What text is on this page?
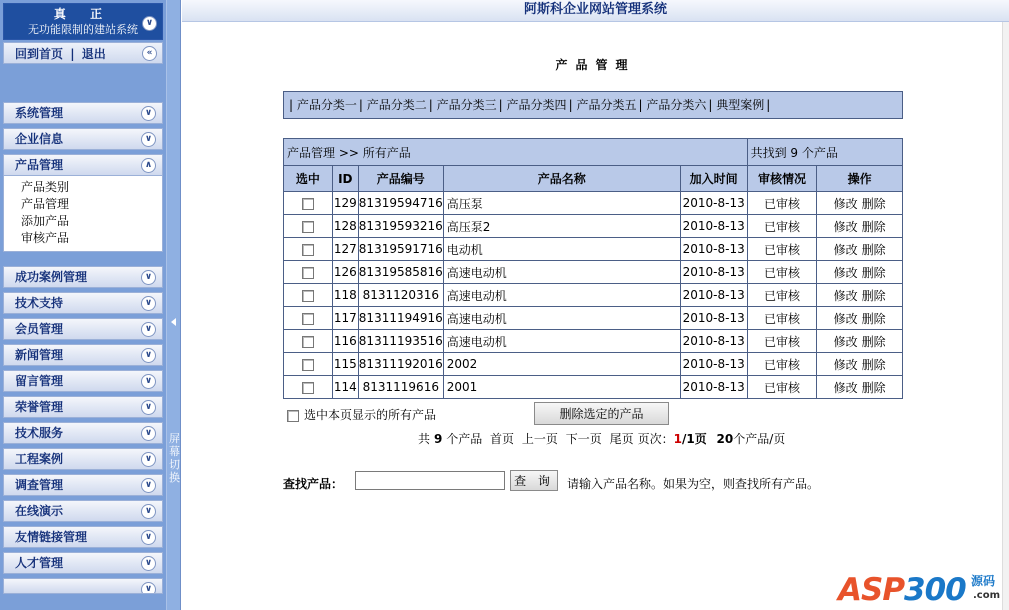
真 正
无功能限制的建站系统 ∨
回到首页 | 退出	«
系统管理	∨
企业信息	∨
产品管理	∧
产品类别
产品管理
添加产品
审核产品
成功案例管理	∨
技术支持	∨
会员管理	∨
新闻管理	∨
留言管理	∨
荣誉管理	∨
技术服务	∨
工程案例	∨
调查管理	∨
在线演示	∨
友情链接管理	∨
人才管理	∨
∨
屏
幕
切
换
阿斯科企业网站管理系统
产品管理
| 产品分类一 | 产品分类二 | 产品分类三 | 产品分类四 | 产品分类五 | 产品分类六 | 典型案例 |
产品管理 >> 所有产品					共找到 9 个产品	
选中	ID	产品编号	产品名称	加入时间	审核情况	操作
	129	81319594716	高压泵	2010-8-13	已审核	修改 删除
	128	81319593216	高压泵2	2010-8-13	已审核	修改 删除
	127	81319591716	电动机	2010-8-13	已审核	修改 删除
	126	81319585816	高速电动机	2010-8-13	已审核	修改 删除
	118	8131120316	高速电动机	2010-8-13	已审核	修改 删除
	117	81311194916	高速电动机	2010-8-13	已审核	修改 删除
	116	81311193516	高速电动机	2010-8-13	已审核	修改 删除
	115	81311192016	2002	2010-8-13	已审核	修改 删除
	114	8131119616	2001	2010-8-13	已审核	修改 删除
选中本页显示的所有产品	删除选定的产品
共 9 个产品 首页 上一页 下一页 尾页 页次：1/1页 20个产品/页
查找产品：	查 询	请输入产品名称。如果为空，则查找所有产品。
ASP300 源码
.com
